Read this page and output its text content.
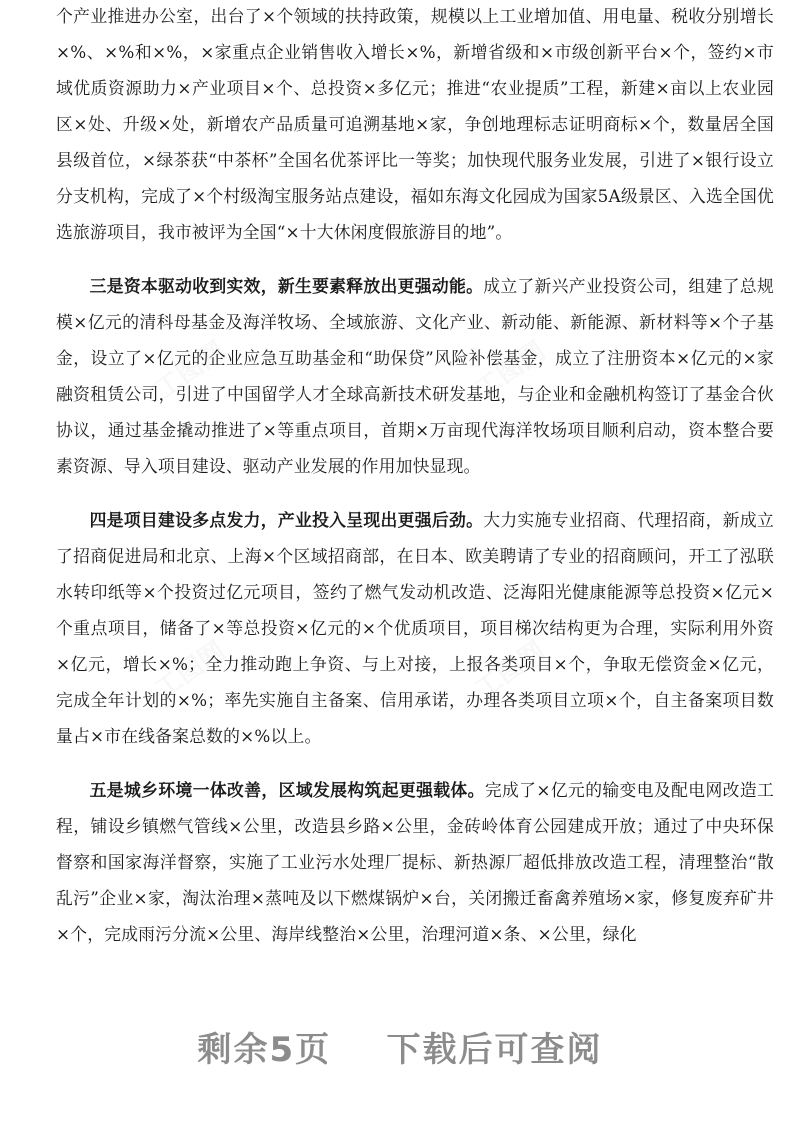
工图网	工图网
工图网	工图网

个产业推进办公室，出台了×个领域的扶持政策，规模以上工业增加值、用电量、税收分别增长×%、×%和×%，×家重点企业销售收入增长×%，新增省级和×市级创新平台×个，签约×市域优质资源助力×产业项目×个、总投资×多亿元；推进“农业提质”工程，新建×亩以上农业园区×处、升级×处，新增农产品质量可追溯基地×家，争创地理标志证明商标×个，数量居全国县级首位，×绿茶获“中茶杯”全国名优茶评比一等奖；加快现代服务业发展，引进了×银行设立分支机构，完成了×个村级淘宝服务站点建设，福如东海文化园成为国家5A级景区、入选全国优选旅游项目，我市被评为全国“×十大休闲度假旅游目的地”。

三是资本驱动收到实效，新生要素释放出更强动能。成立了新兴产业投资公司，组建了总规模×亿元的清科母基金及海洋牧场、全域旅游、文化产业、新动能、新能源、新材料等×个子基金，设立了×亿元的企业应急互助基金和“助保贷”风险补偿基金，成立了注册资本×亿元的×家融资租赁公司，引进了中国留学人才全球高新技术研发基地，与企业和金融机构签订了基金合伙协议，通过基金撬动推进了×等重点项目，首期×万亩现代海洋牧场项目顺利启动，资本整合要素资源、导入项目建设、驱动产业发展的作用加快显现。

四是项目建设多点发力，产业投入呈现出更强后劲。大力实施专业招商、代理招商，新成立了招商促进局和北京、上海×个区域招商部，在日本、欧美聘请了专业的招商顾问，开工了泓联水转印纸等×个投资过亿元项目，签约了燃气发动机改造、泛海阳光健康能源等总投资×亿元×个重点项目，储备了×等总投资×亿元的×个优质项目，项目梯次结构更为合理，实际利用外资×亿元，增长×%；全力推动跑上争资、与上对接，上报各类项目×个，争取无偿资金×亿元，完成全年计划的×%；率先实施自主备案、信用承诺，办理各类项目立项×个，自主备案项目数量占×市在线备案总数的×%以上。

五是城乡环境一体改善，区域发展构筑起更强载体。完成了×亿元的输变电及配电网改造工程，铺设乡镇燃气管线×公里，改造县乡路×公里，金砖岭体育公园建成开放；通过了中央环保督察和国家海洋督察，实施了工业污水处理厂提标、新热源厂超低排放改造工程，清理整治“散乱污”企业×家，淘汰治理×蒸吨及以下燃煤锅炉×台，关闭搬迁畜禽养殖场×家，修复废弃矿井×个，完成雨污分流×公里、海岸线整治×公里，治理河道×条、×公里，绿化

剩余5页 下载后可查阅
